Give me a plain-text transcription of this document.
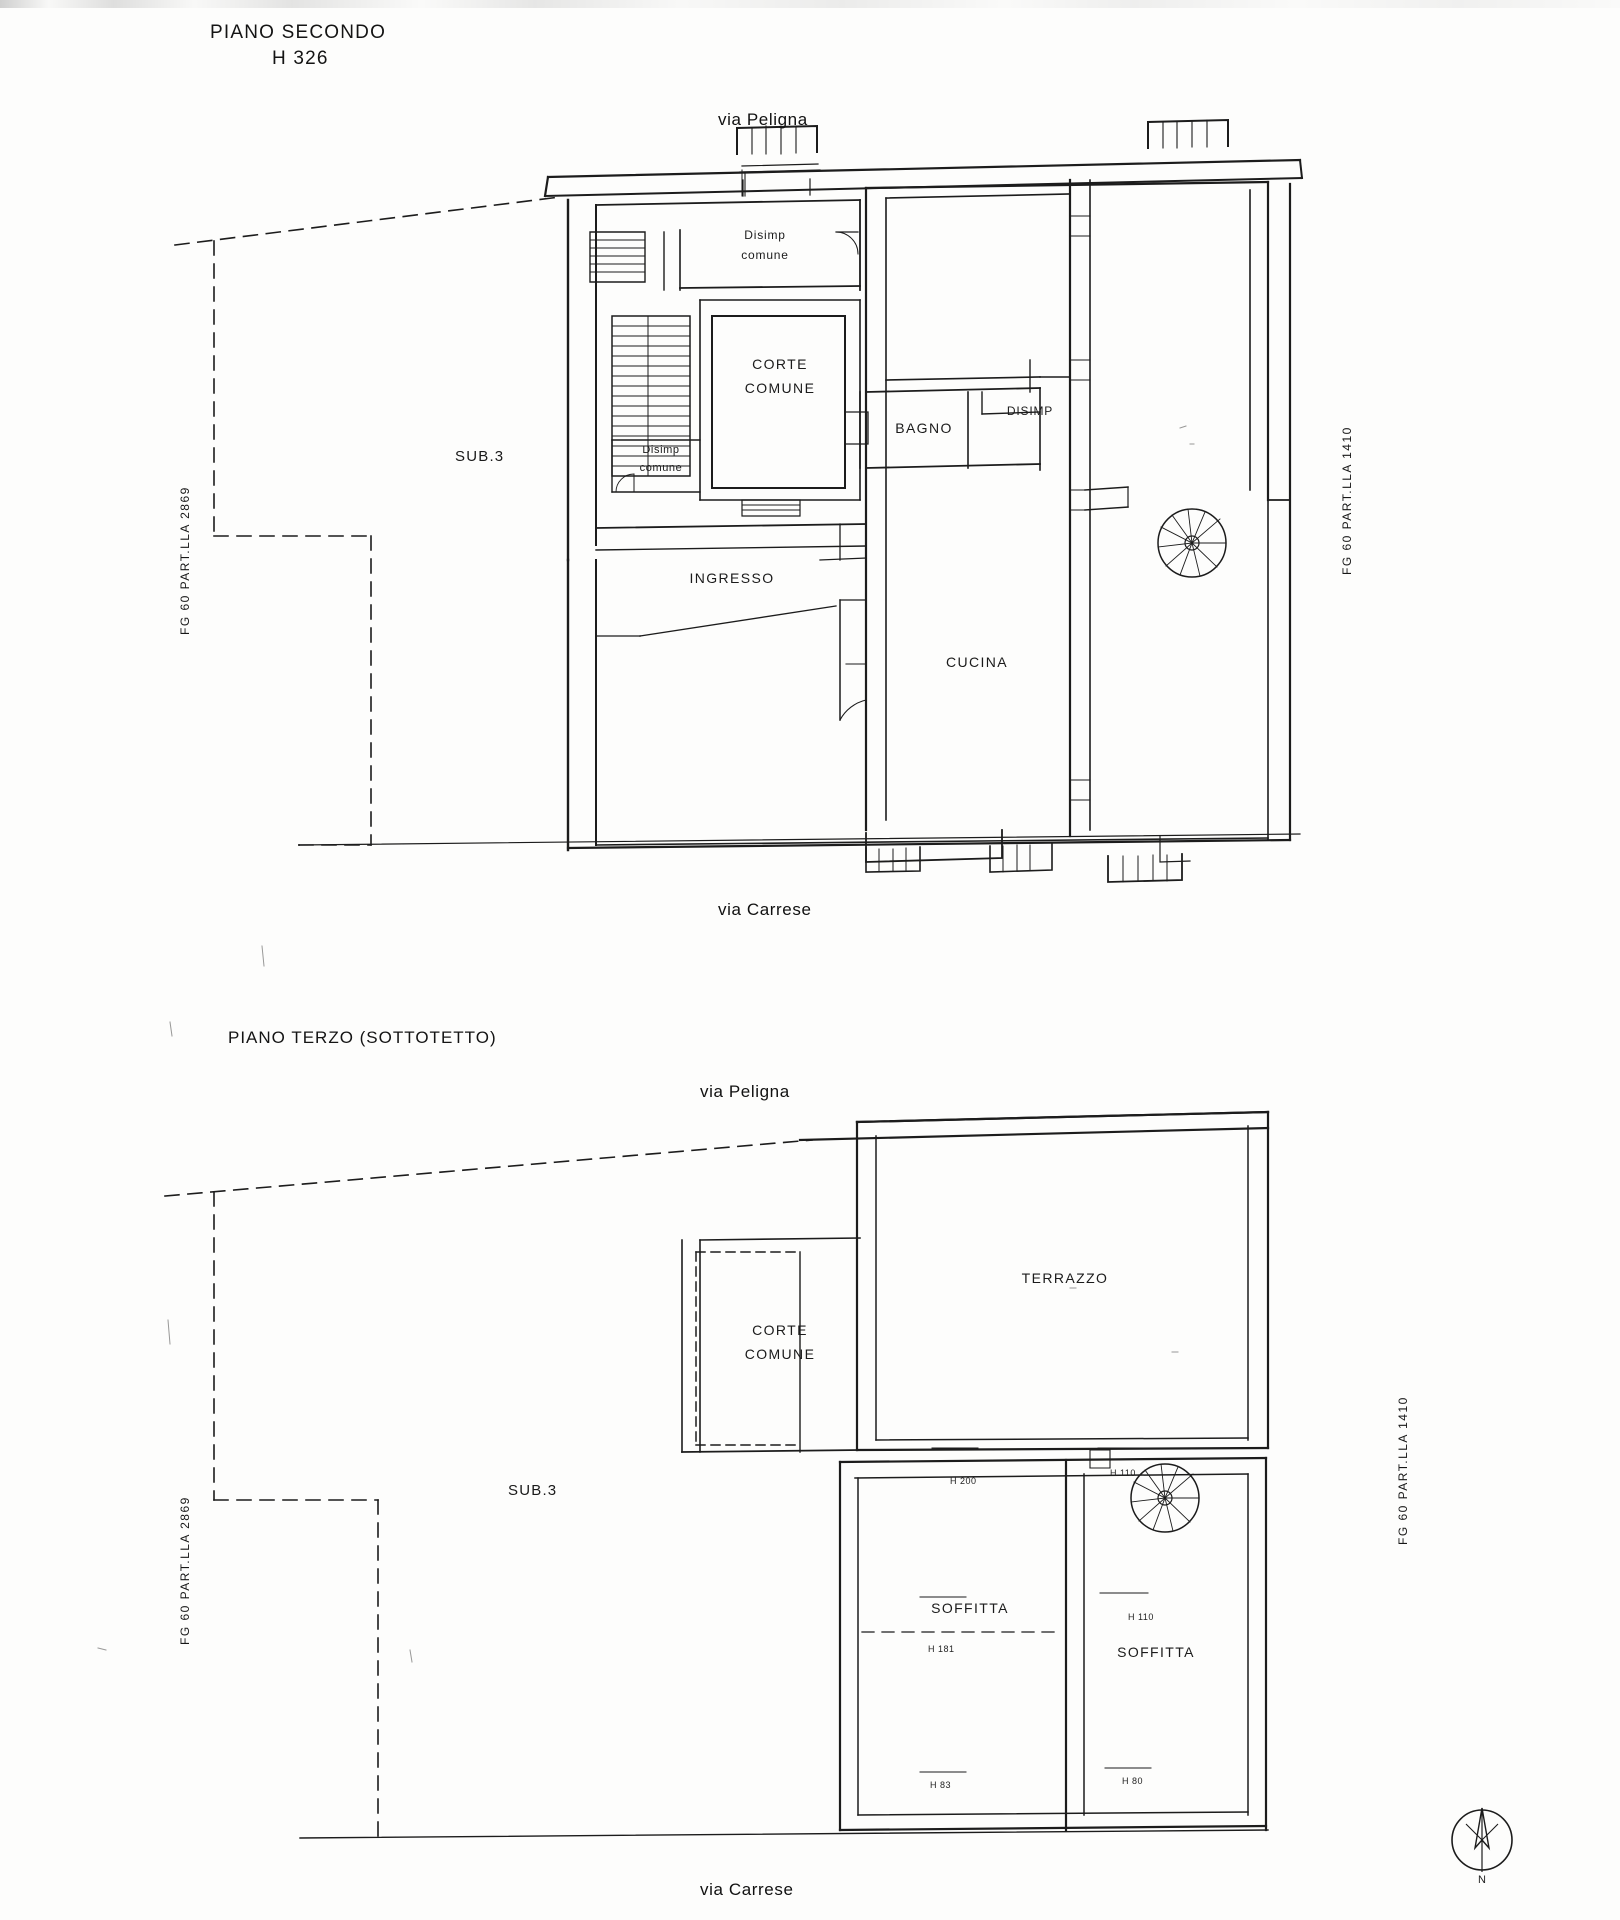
N
PIANO SECONDO
H 326
via Peligna
via Carrese
FG 60 PART.LLA 2869	FG 60 PART.LLA 1410
SUB.3
Disimp
comune
CORTE
COMUNE
Disimp
comune
BAGNO
DISIMP
INGRESSO
CUCINA
PIANO TERZO (SOTTOTETTO)
via Peligna
via Carrese
FG 60 PART.LLA 2869
FG 60 PART.LLA 1410
SUB.3
TERRAZZO
CORTE
COMUNE
SOFFITTA
SOFFITTA
H 200
H 110
H 110
H 181
H 83	H 80
